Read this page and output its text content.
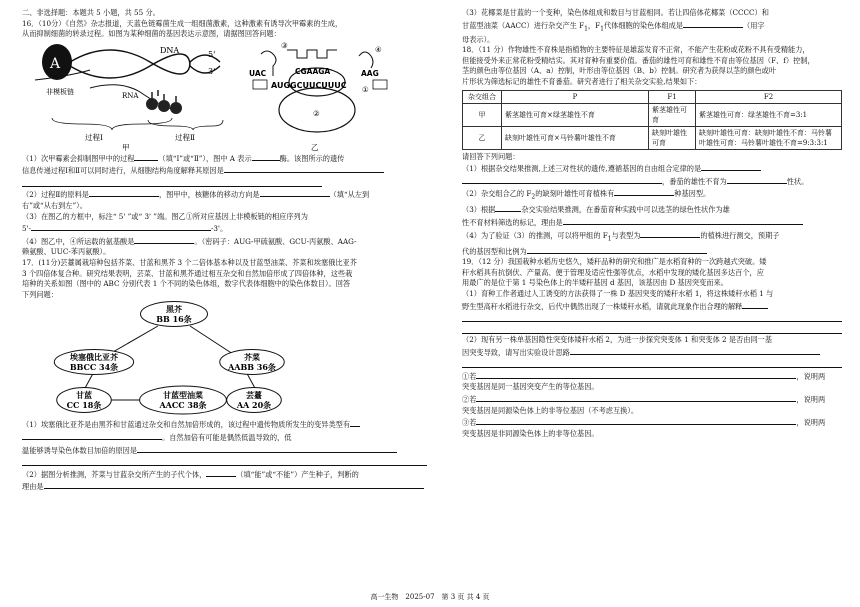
二、非选择题：本题共 5 小题，共 55 分。

16．（10分）《自然》杂志报道，天蓝色链霉菌生成一组细菌激素，这种激素有诱导次甲霉素的生成，

从而抑制细菌的转录过程。如图为某种细菌的基因表达示意图，请据图回答问题：

A
DNA	5'
3'
非模板链	RNA
过程Ⅰ	过程Ⅱ
甲
③	④
UAC	CGAAGA	AAG
AUGGCUUCUUUC ①
②
乙

（1）次甲霉素会抑制图甲中的过程	（填“Ⅰ”或“Ⅱ”），图中 A 表示	酶。该图所示的遗传

信息传递过程Ⅰ和Ⅱ可以同时进行，从细胞结构角度解释其原因是

（2）过程Ⅱ的原料是	，图甲中，核糖体的移动方向是	（填“从左到

右”或“从右到左”）。

（3）在图乙的方框中，标注“ 5' ”或“ 3' ”端。图乙①所对应基因上非模板链的相应序列为

5'-	-3'。

（4）图乙中，④所运载的氨基酸是	。（密码子：AUG-甲硫氨酸、GCU-丙氨酸、AAG-

赖氨酸、UUC-苯丙氨酸）。

17．(11分)芸薹属栽培种包括芥菜、甘蓝和黑芥 3 个二倍体基本种以及甘蓝型油菜、芥菜和埃塞俄比亚芥

3 个四倍体复合种。研究结果表明，芸菜、甘蓝和黑芥通过相互杂交和自然加倍形成了四倍体种，这些栽

培种的关系如图（图中的 ABC 分别代表 1 个不同的染色体组，数字代表体细胞中的染色体数目）。回答

下列问题：

黑芥
BB 16条
埃塞俄比亚芥
BBCC 34条
芥菜
AABB 36条
甘蓝
CC 18条
甘蓝型油菜
AACC 38条
芸薹
AA 20条

（1）埃塞俄比亚芥是由黑芥和甘蓝通过杂交和自然加倍形成的，该过程中遗传物质所发生的变异类型有

。自然加倍有可能是偶然低温导致的，低

温能够诱导染色体数目加倍的原因是

（2）据图分析推测，芥菜与甘蓝杂交所产生的子代个体，	（填“能”或“不能”）产生种子，判断的

理由是

（3）花椰菜是甘蓝的一个变种，染色体组成和数目与甘蓝相同。若让四倍体花椰菜（CCCC）和

甘蓝型油菜（AACC）进行杂交产生 $F_1$，$F_1$代体细胞的染色体组成是	（用字

母表示）。

18．（11 分）作物雄性不育株是指植物的主要特征是雄蕊发育不正常，不能产生花粉或花粉不具有受精能力，

但能接受外来正常花粉受精结实。其对育种有重要价值。番茄的雄性可育和雄性不育由等位基因（F、f）控制，

茎的颜色由等位基因（A、a）控制，叶形由等位基因（B、b）控制。研究者为获得以茎的颜色或叶

片形状为筛选标记的雄性不育番茄。研究者进行了相关杂交实验,结果如下：

杂交组合	P	F1	F2
甲	紫茎雄性可育×绿茎雄性不育	紫茎雄性可育	紫茎雄性可育：绿茎雄性不育=3:1
乙	缺刻叶雄性可育×马铃薯叶雄性不育	缺刻叶雄性可育	缺刻叶雄性可育：缺刻叶雄性不育：马铃薯叶雄性可育：马铃薯叶雄性不育=9:3:3:1

请回答下列问题：

（1）根据杂交结果推测,上述三对性状的遗传,遵循基因的自由组合定律的是

，番茄的雄性不育为	性状。

（2）杂交组合乙的 $F_2$的缺刻叶雄性可育植株有	种基因型。

（3）根据	杂交实验结果推测，在番茄育种实践中可以选茎的绿色性状作为雄

性不育材料筛选的标记，理由是

（4）为了验证（3）的推测，可以将甲组的 $F_1$与表型为	的植株进行测交，预期子

代的基因型和比例为

19．（12 分）我国栽种水稻历史悠久，矮秆品种的研究和推广是水稻育种的一次跨越式突破。矮

秆水稻具有抗倒伏、产量高、便于管理及适应性强等优点，水稻中发现的矮化基因多达百个，应

用最广的是位于第 1 号染色体上的半矮秆基因 d 基因，该基因由 D 基因突变而来。

（1）育种工作者通过人工诱变的方法获得了一株 D 基因突变的矮秆水稻 1，将这株矮秆水稻 1 与

野生型高秆水稻进行杂交，后代中偶然出现了一株矮秆水稻，请就此现象作出合理的解释

（2）现有另一株单基因隐性突变体矮秆水稻 2，为进一步探究突变体 1 和突变体 2 是否由同一基

因突变导致，请写出实验设计思路

①若	，说明两

突变基因是同一基因突变产生的等位基因。

②若	，说明两

突变基因是同源染色体上的非等位基因（不考虑互换）。

③若	，说明两

突变基因是非同源染色体上的非等位基因。

高一生物　2025-07　第 3 页 共 4 页
